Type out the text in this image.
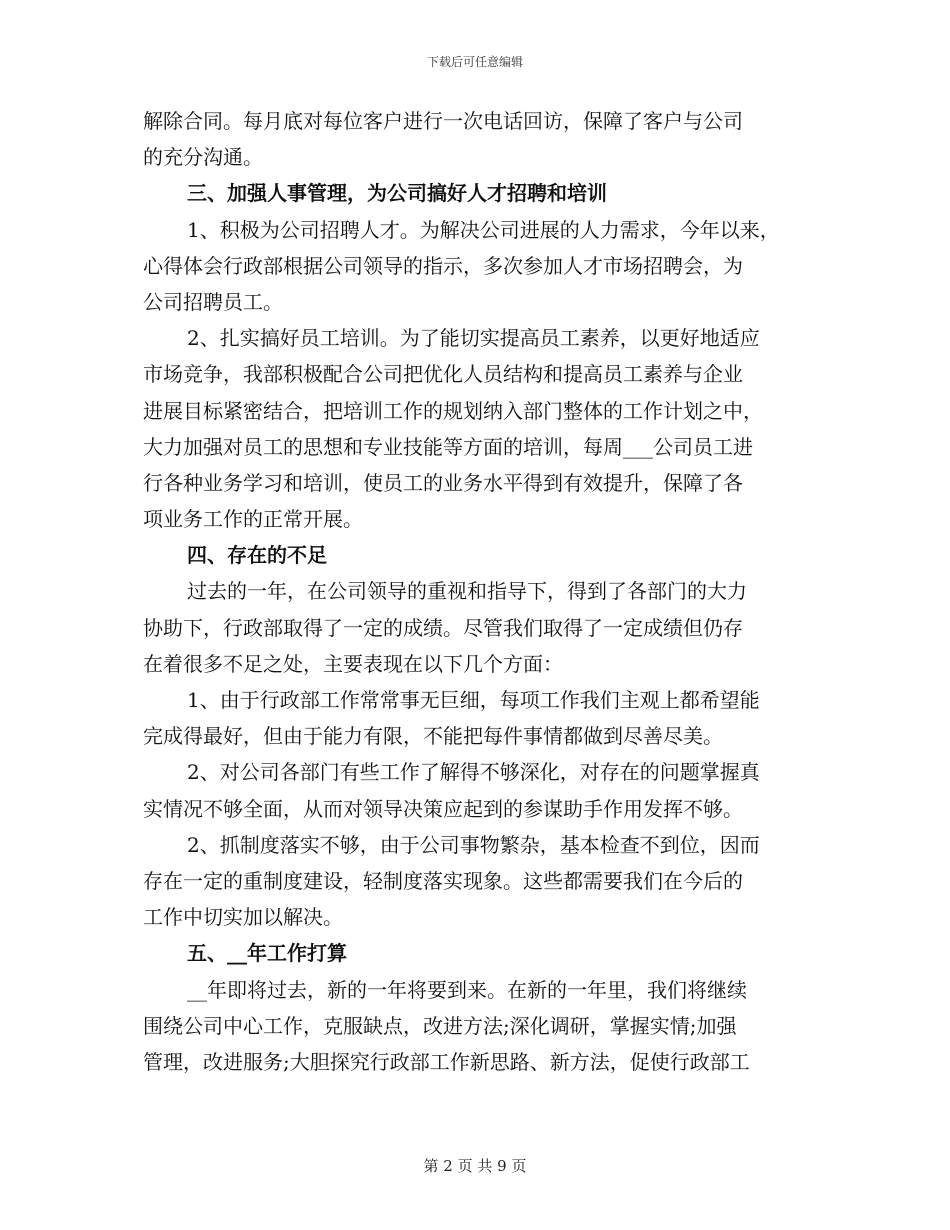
下载后可任意编辑
解除合同。每月底对每位客户进行一次电话回访，保障了客户与公司
的充分沟通。
三、加强人事管理，为公司搞好人才招聘和培训
1、积极为公司招聘人才。为解决公司进展的人力需求，今年以来，
心得体会行政部根据公司领导的指示，多次参加人才市场招聘会，为
公司招聘员工。
2、扎实搞好员工培训。为了能切实提高员工素养，以更好地适应
市场竞争，我部积极配合公司把优化人员结构和提高员工素养与企业
进展目标紧密结合，把培训工作的规划纳入部门整体的工作计划之中，
大力加强对员工的思想和专业技能等方面的培训，每周___公司员工进
行各种业务学习和培训，使员工的业务水平得到有效提升，保障了各
项业务工作的正常开展。
四、存在的不足
过去的一年，在公司领导的重视和指导下，得到了各部门的大力
协助下，行政部取得了一定的成绩。尽管我们取得了一定成绩但仍存
在着很多不足之处，主要表现在以下几个方面：
1、由于行政部工作常常事无巨细，每项工作我们主观上都希望能
完成得最好，但由于能力有限，不能把每件事情都做到尽善尽美。
2、对公司各部门有些工作了解得不够深化，对存在的问题掌握真
实情况不够全面，从而对领导决策应起到的参谋助手作用发挥不够。
2、抓制度落实不够，由于公司事物繁杂，基本检查不到位，因而
存在一定的重制度建设，轻制度落实现象。这些都需要我们在今后的
工作中切实加以解决。
五、__年工作打算
__年即将过去，新的一年将要到来。在新的一年里，我们将继续
围绕公司中心工作，克服缺点，改进方法;深化调研，掌握实情;加强
管理，改进服务;大胆探究行政部工作新思路、新方法，促使行政部工
第 2 页 共 9 页
